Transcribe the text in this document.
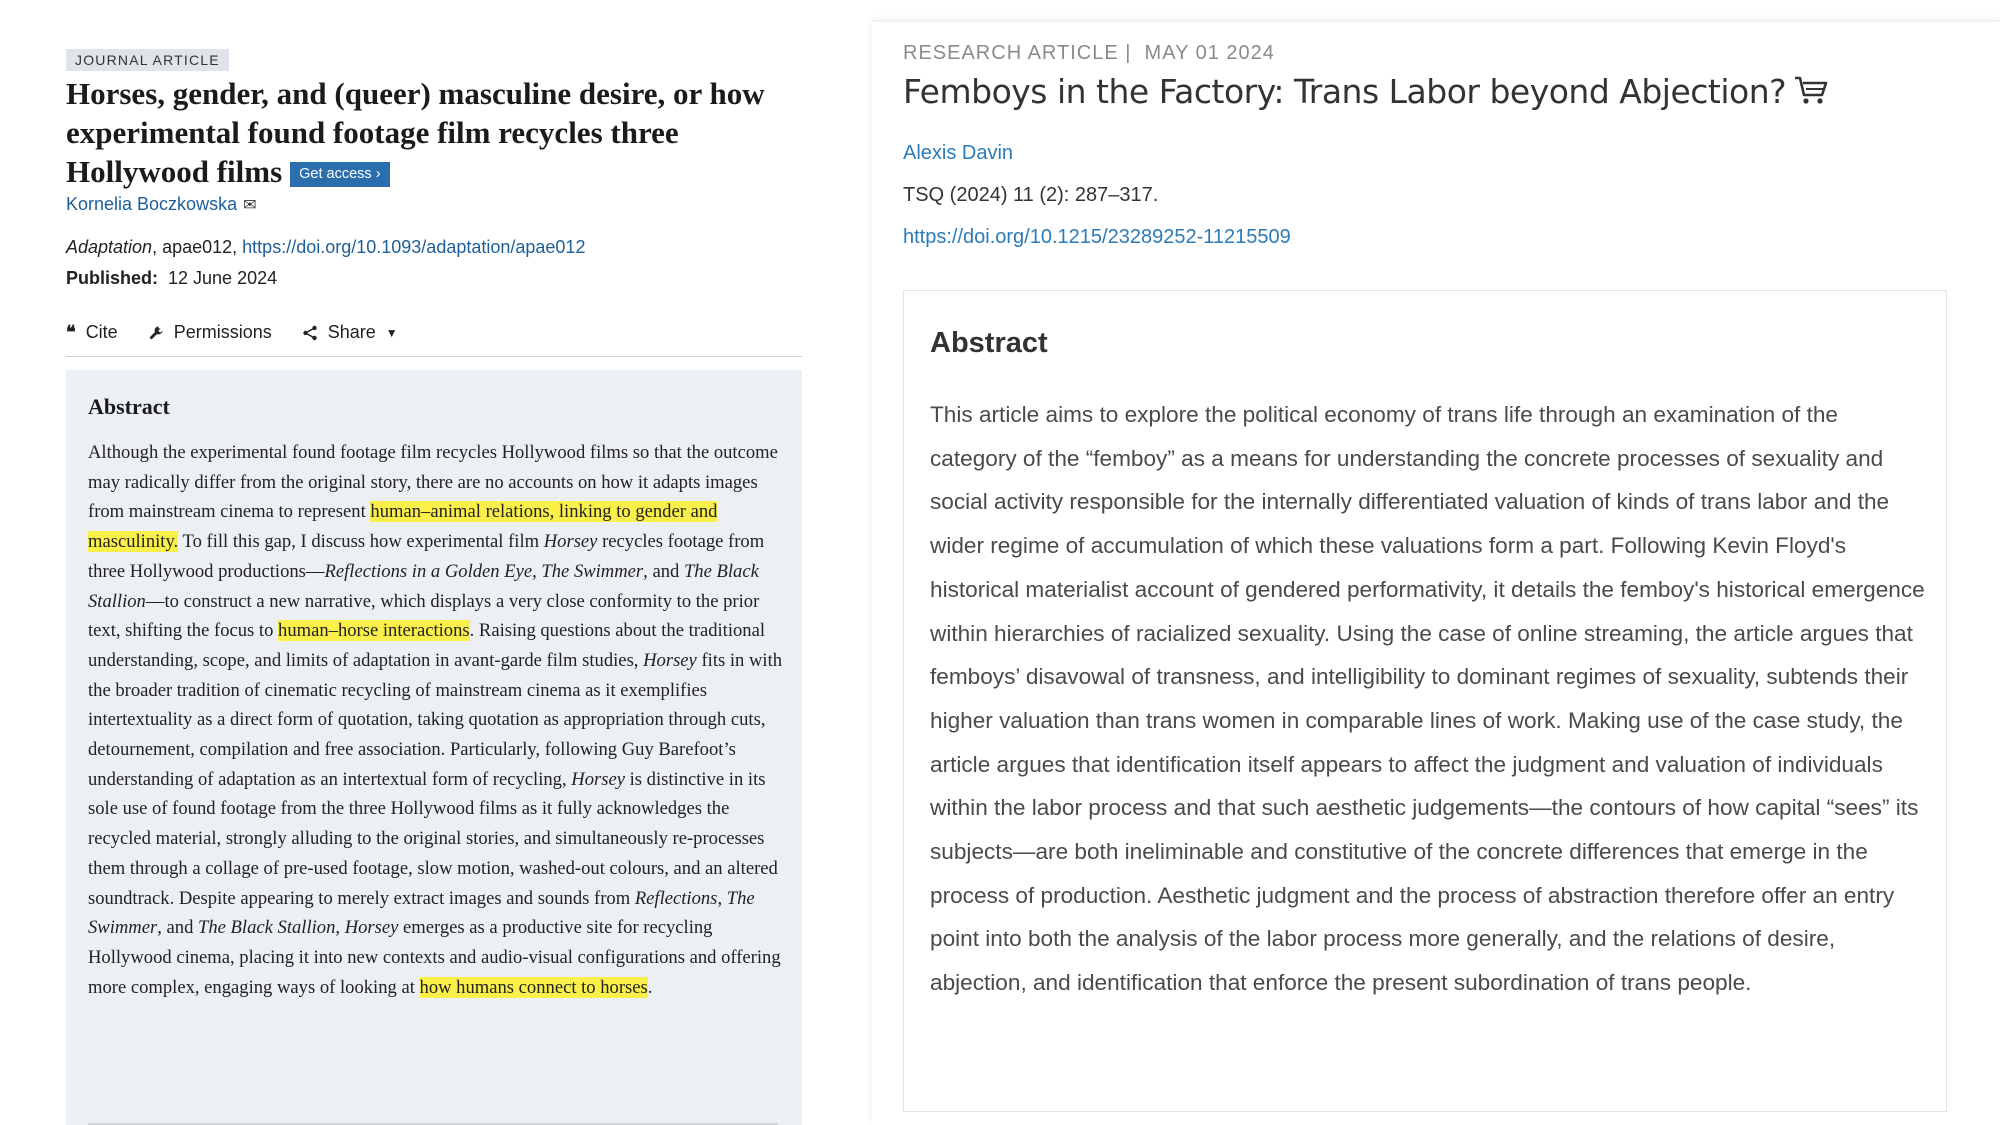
JOURNAL ARTICLE
Horses, gender, and (queer) masculine desire, or how experimental found footage film recycles three Hollywood films Get access ›
Kornelia Boczkowska ✉
Adaptation, apae012, https://doi.org/10.1093/adaptation/apae012
Published: 12 June 2024
❝ Cite	Permissions	Share ▼
Abstract

Although the experimental found footage film recycles Hollywood films so that the outcome may radically differ from the original story, there are no accounts on how it adapts images from mainstream cinema to represent human–animal relations, linking to gender and masculinity. To fill this gap, I discuss how experimental film Horsey recycles footage from three Hollywood productions—Reflections in a Golden Eye, The Swimmer, and The Black Stallion—to construct a new narrative, which displays a very close conformity to the prior text, shifting the focus to human–horse interactions. Raising questions about the traditional understanding, scope, and limits of adaptation in avant-garde film studies, Horsey fits in with the broader tradition of cinematic recycling of mainstream cinema as it exemplifies intertextuality as a direct form of quotation, taking quotation as appropriation through cuts, detournement, compilation and free association. Particularly, following Guy Barefoot’s understanding of adaptation as an intertextual form of recycling, Horsey is distinctive in its sole use of found footage from the three Hollywood films as it fully acknowledges the recycled material, strongly alluding to the original stories, and simultaneously re-processes them through a collage of pre-used footage, slow motion, washed-out colours, and an altered soundtrack. Despite appearing to merely extract images and sounds from Reflections, The Swimmer, and The Black Stallion, Horsey emerges as a productive site for recycling Hollywood cinema, placing it into new contexts and audio-visual configurations and offering more complex, engaging ways of looking at how humans connect to horses.

RESEARCH ARTICLE |  MAY 01 2024
Femboys in the Factory: Trans Labor beyond Abjection?
Alexis Davin
TSQ (2024) 11 (2): 287–317.
https://doi.org/10.1215/23289252-11215509
Abstract

This article aims to explore the political economy of trans life through an examination of the category of the “femboy” as a means for understanding the concrete processes of sexuality and social activity responsible for the internally differentiated valuation of kinds of trans labor and the wider regime of accumulation of which these valuations form a part. Following Kevin Floyd's historical materialist account of gendered performativity, it details the femboy's historical emergence within hierarchies of racialized sexuality. Using the case of online streaming, the article argues that femboys’ disavowal of transness, and intelligibility to dominant regimes of sexuality, subtends their higher valuation than trans women in comparable lines of work. Making use of the case study, the article argues that identification itself appears to affect the judgment and valuation of individuals within the labor process and that such aesthetic judgements—the contours of how capital “sees” its subjects—are both ineliminable and constitutive of the concrete differences that emerge in the process of production. Aesthetic judgment and the process of abstraction therefore offer an entry point into both the analysis of the labor process more generally, and the relations of desire, abjection, and identification that enforce the present subordination of trans people.
